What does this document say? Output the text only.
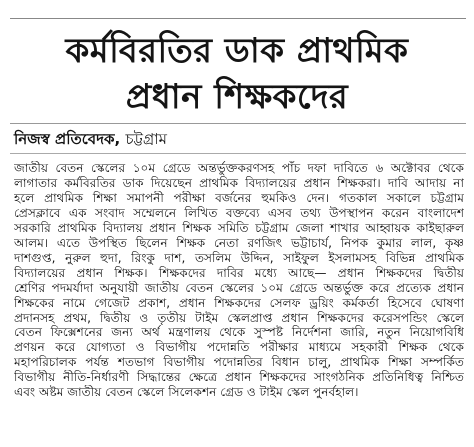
কর্মবিরতির ডাক প্রাথমিক
প্রধান শিক্ষকদের
নিজস্ব প্রতিবেদক, চট্টগ্রাম
জাতীয় বেতন স্কেলের ১০ম গ্রেডে অন্তর্ভুক্তকরণসহ পাঁচ দফা দাবিতে ৬ অক্টোবর থেকে
লাগাতার কর্মবিরতির ডাক দিয়েছেন প্রাথমিক বিদ্যালয়ের প্রধান শিক্ষকরা। দাবি আদায় না
হলে প্রাথমিক শিক্ষা সমাপনী পরীক্ষা বর্জনের হুমকিও দেন। গতকাল সকালে চট্টগ্রাম
প্রেসক্লাবে এক সংবাদ সম্মেলনে লিখিত বক্তব্যে এসব তথ্য উপস্থাপন করেন বাংলাদেশ
সরকারি প্রাথমিক বিদ্যালয় প্রধান শিক্ষক সমিতি চট্টগ্রাম জেলা শাখার আহ্বায়ক কাইছারুল
আলম। এতে উপস্থিত ছিলেন শিক্ষক নেতা রণজিৎ ভট্টাচার্য, নিপক কুমার লাল, কৃষ্ণ
দাশগুপ্ত, নুরুল হুদা, রিংকু দাশ, তসলিম উদ্দিন, সাইফুল ইসলামসহ বিভিন্ন প্রাথমিক
বিদ্যালয়ের প্রধান শিক্ষক। শিক্ষকদের দাবির মধ্যে আছে— প্রধান শিক্ষকদের দ্বিতীয়
শ্রেণির পদমর্যাদা অনুযায়ী জাতীয় বেতন স্কেলের ১০ম গ্রেডে অন্তর্ভুক্ত করে প্রত্যেক প্রধান
শিক্ষকের নামে গেজেট প্রকাশ, প্রধান শিক্ষকদের সেলফ ড্রয়িং কর্মকর্তা হিসেবে ঘোষণা
প্রদানসহ প্রথম, দ্বিতীয় ও তৃতীয় টাইম স্কেলপ্রাপ্ত প্রধান শিক্ষকদের করেসপন্ডিং স্কেলে
বেতন ফিক্সেশনের জন্য অর্থ মন্ত্রণালয় থেকে সুস্পষ্ট নির্দেশনা জারি, নতুন নিয়োগবিধি
প্রণয়ন করে যোগ্যতা ও বিভাগীয় পদোন্নতি পরীক্ষার মাধ্যমে সহকারী শিক্ষক থেকে
মহাপরিচালক পর্যন্ত শতভাগ বিভাগীয় পদোন্নতির বিধান চালু, প্রাথমিক শিক্ষা সম্পর্কিত
বিভাগীয় নীতি-নির্ধারণী সিদ্ধান্তের ক্ষেত্রে প্রধান শিক্ষকদের সাংগঠনিক প্রতিনিধিত্ব নিশ্চিত
এবং অষ্টম জাতীয় বেতন স্কেলে সিলেকশন গ্রেড ও টাইম স্কেল পুনর্বহাল।
